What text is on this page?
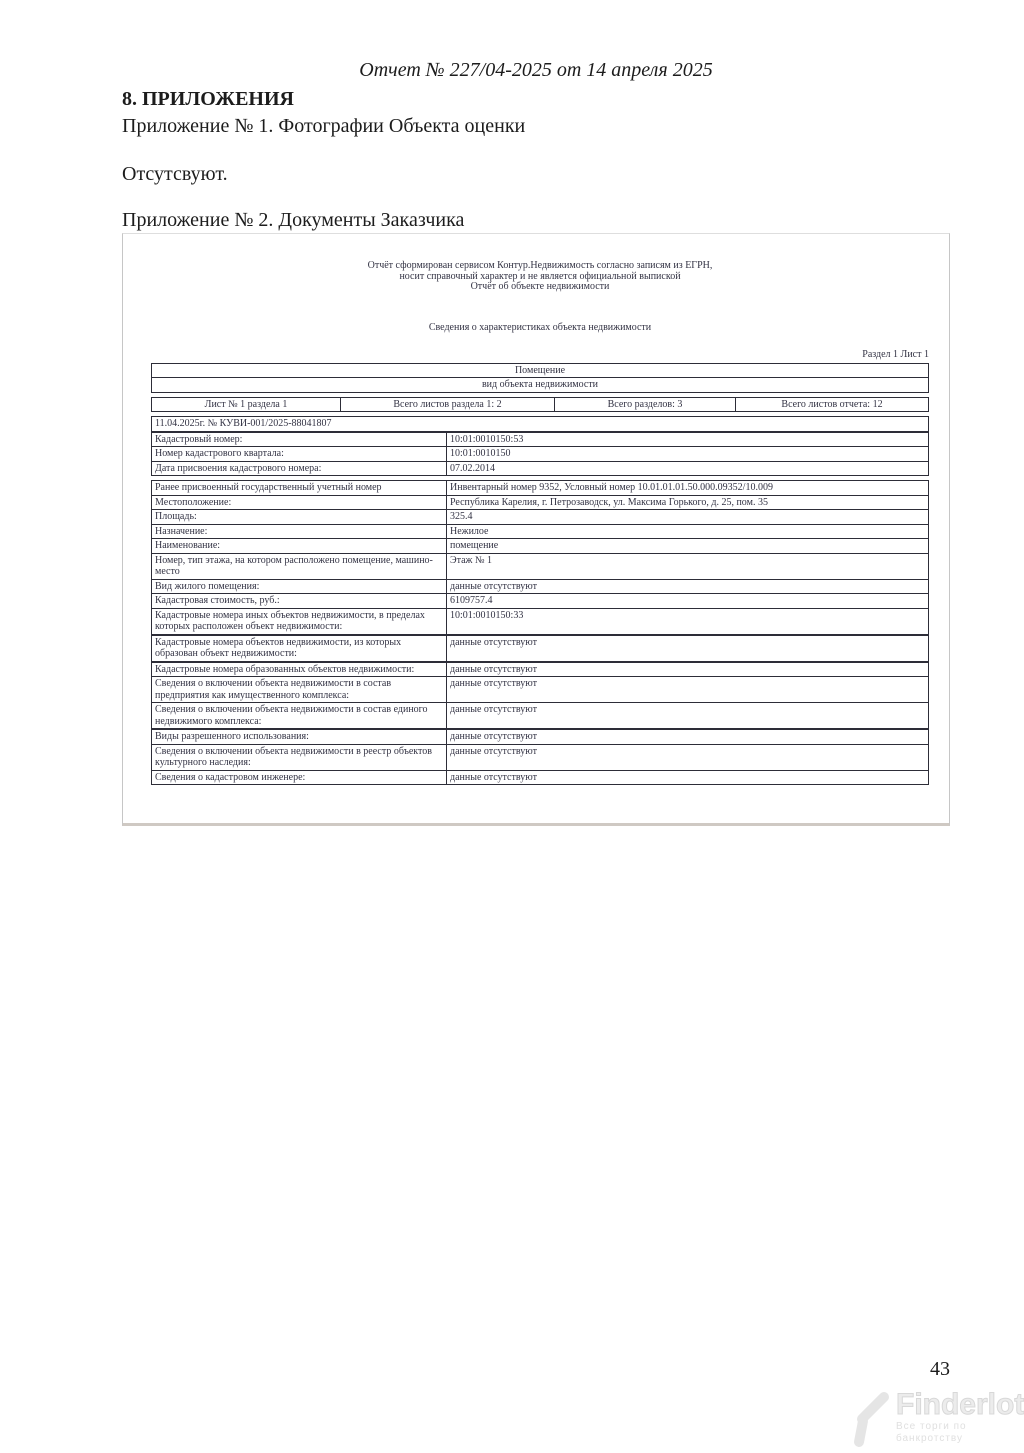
Отчет № 227/04-2025 от 14 апреля 2025
8. ПРИЛОЖЕНИЯ
Приложение № 1. Фотографии Объекта оценки
Отсутсвуют.
Приложение № 2. Документы Заказчика
Отчёт сформирован сервисом Контур.Недвижимость согласно записям из ЕГРН,
носит справочный характер и не является официальной выпиской
Отчёт об объекте недвижимости
Сведения о характеристиках объекта недвижимости
Раздел 1 Лист 1
Помещение
вид объекта недвижимости
Лист № 1 раздела 1	Всего листов раздела 1: 2	Всего разделов: 3	Всего листов отчета: 12
11.04.2025г. № КУВИ-001/2025-88041807
Кадастровый номер:	10:01:0010150:53
Номер кадастрового квартала:	10:01:0010150
Дата присвоения кадастрового номера:	07.02.2014
Ранее присвоенный государственный учетный номер	Инвентарный номер 9352, Условный номер 10.01.01.01.50.000.09352/10.009
Местоположение:	Республика Карелия, г. Петрозаводск, ул. Максима Горького, д. 25, пом. 35
Площадь:	325.4
Назначение:	Нежилое
Наименование:	помещение
Номер, тип этажа, на котором расположено помещение, машино-место	Этаж № 1
Вид жилого помещения:	данные отсутствуют
Кадастровая стоимость, руб.:	6109757.4
Кадастровые номера иных объектов недвижимости, в пределах которых расположен объект недвижимости:	10:01:0010150:33
Кадастровые номера объектов недвижимости, из которых образован объект недвижимости:	данные отсутствуют
Кадастровые номера образованных объектов недвижимости:	данные отсутствуют
Сведения о включении объекта недвижимости в состав предприятия как имущественного комплекса:	данные отсутствуют
Сведения о включении объекта недвижимости в состав единого недвижимого комплекса:	данные отсутствуют
Виды разрешенного использования:	данные отсутствуют
Сведения о включении объекта недвижимости в реестр объектов культурного наследия:	данные отсутствуют
Сведения о кадастровом инженере:	данные отсутствуют
43
Finderlot
Все торги по банкротству
